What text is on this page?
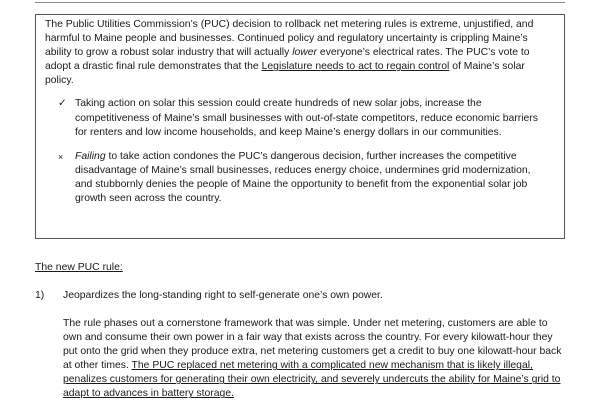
The Public Utilities Commission’s (PUC) decision to rollback net metering rules is extreme, unjustified, and harmful to Maine people and businesses. Continued policy and regulatory uncertainty is crippling Maine’s ability to grow a robust solar industry that will actually lower everyone’s electrical rates. The PUC’s vote to adopt a drastic final rule demonstrates that the Legislature needs to act to regain control of Maine’s solar policy.

✓ Taking action on solar this session could create hundreds of new solar jobs, increase the competitiveness of Maine’s small businesses with out-of-state competitors, reduce economic barriers for renters and low income households, and keep Maine’s energy dollars in our communities.

× Failing to take action condones the PUC’s dangerous decision, further increases the competitive disadvantage of Maine’s small businesses, reduces energy choice, undermines grid modernization, and stubbornly denies the people of Maine the opportunity to benefit from the exponential solar job growth seen across the country.

The new PUC rule:

1) Jeopardizes the long-standing right to self-generate one’s own power.

The rule phases out a cornerstone framework that was simple. Under net metering, customers are able to own and consume their own power in a fair way that exists across the country. For every kilowatt-hour they put onto the grid when they produce extra, net metering customers get a credit to buy one kilowatt-hour back at other times. The PUC replaced net metering with a complicated new mechanism that is likely illegal, penalizes customers for generating their own electricity, and severely undercuts the ability for Maine’s grid to adapt to advances in battery storage.
